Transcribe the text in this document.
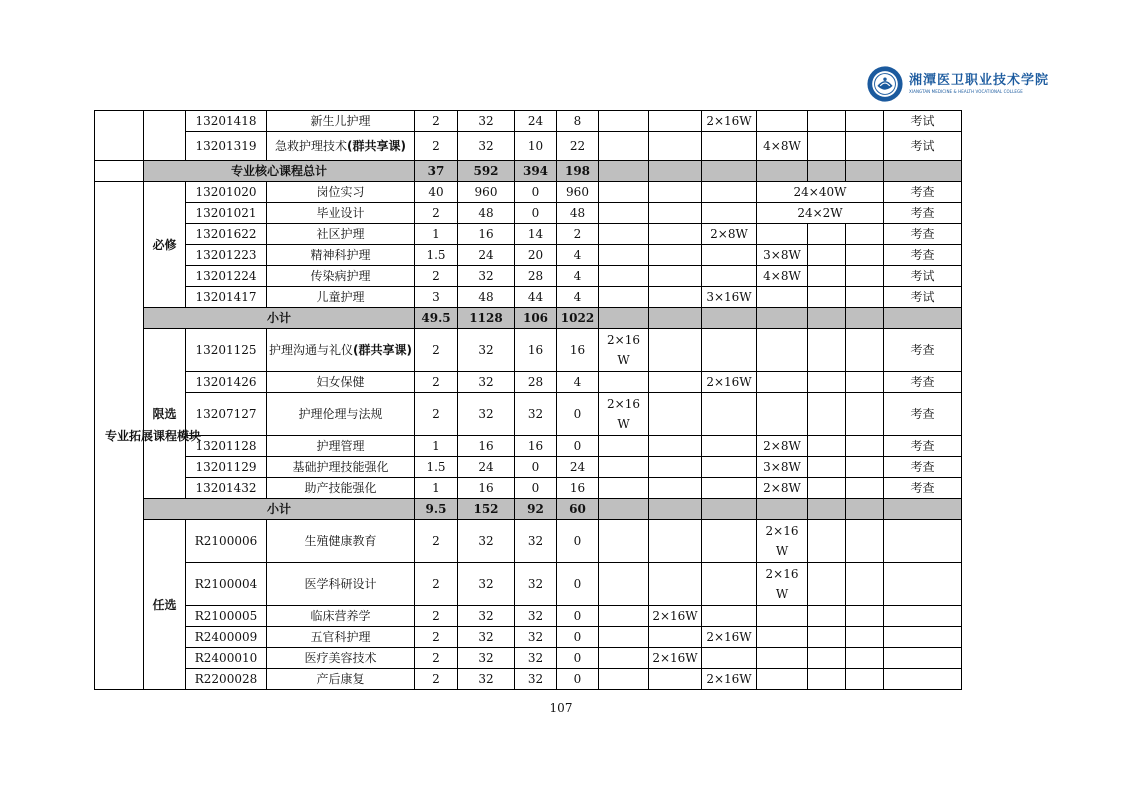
湘潭医卫职业技术学院
XIANGTAN MEDICINE & HEALTH VOCATIONAL COLLEGE
		13201418	新生儿护理	2	32	24	8			2×16W				考试
		13201319	急救护理技术(群共享课)	2	32	10	22				4×8W			考试
	专业核心课程总计			37	592	394	198							

专业拓展课程模块	必修	13201020	岗位实习	40	960	0	960				24×40W			考查
		13201021	毕业设计	2	48	0	48				24×2W			考查
		13201622	社区护理	1	16	14	2			2×8W				考查
		13201223	精神科护理	1.5	24	20	4				3×8W			考查
		13201224	传染病护理	2	32	28	4				4×8W			考试
		13201417	儿童护理	3	48	44	4			3×16W				考试
	小计			49.5	1128	106	1022							
	限选	13201125	护理沟通与礼仪(群共享课)	2	32	16	16	2×16
W						考查
		13201426	妇女保健	2	32	28	4			2×16W				考查
		13207127	护理伦理与法规	2	32	32	0	2×16
W						考查
		13201128	护理管理	1	16	16	0				2×8W			考查
		13201129	基础护理技能强化	1.5	24	0	24				3×8W			考查
		13201432	助产技能强化	1	16	0	16				2×8W			考查
	小计			9.5	152	92	60							
	任选	R2100006	生殖健康教育	2	32	32	0				2×16
W			
		R2100004	医学科研设计	2	32	32	0				2×16
W			
		R2100005	临床营养学	2	32	32	0		2×16W					
		R2400009	五官科护理	2	32	32	0			2×16W				
		R2400010	医疗美容技术	2	32	32	0		2×16W					
		R2200028	产后康复	2	32	32	0			2×16W				
107
